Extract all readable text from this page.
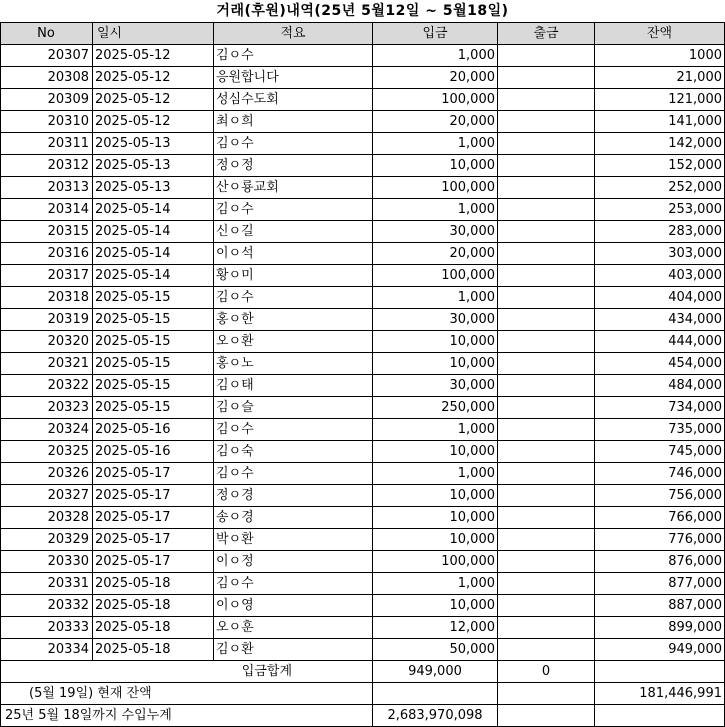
거래(후원)내역(25년 5월12일 ~ 5월18일)
No	일시	적요	입금	출금	잔액
20307	2025-05-12	김ㅇ수	1,000		1000
20308	2025-05-12	응원합니다	20,000		21,000
20309	2025-05-12	성심수도회	100,000		121,000
20310	2025-05-12	최ㅇ희	20,000		141,000
20311	2025-05-13	김ㅇ수	1,000		142,000
20312	2025-05-13	정ㅇ정	10,000		152,000
20313	2025-05-13	산ㅇ룡교회	100,000		252,000
20314	2025-05-14	김ㅇ수	1,000		253,000
20315	2025-05-14	신ㅇ길	30,000		283,000
20316	2025-05-14	이ㅇ석	20,000		303,000
20317	2025-05-14	황ㅇ미	100,000		403,000
20318	2025-05-15	김ㅇ수	1,000		404,000
20319	2025-05-15	홍ㅇ한	30,000		434,000
20320	2025-05-15	오ㅇ환	10,000		444,000
20321	2025-05-15	홍ㅇ노	10,000		454,000
20322	2025-05-15	김ㅇ태	30,000		484,000
20323	2025-05-15	김ㅇ슬	250,000		734,000
20324	2025-05-16	김ㅇ수	1,000		735,000
20325	2025-05-16	김ㅇ숙	10,000		745,000
20326	2025-05-17	김ㅇ수	1,000		746,000
20327	2025-05-17	정ㅇ경	10,000		756,000
20328	2025-05-17	송ㅇ경	10,000		766,000
20329	2025-05-17	박ㅇ환	10,000		776,000
20330	2025-05-17	이ㅇ정	100,000		876,000
20331	2025-05-18	김ㅇ수	1,000		877,000
20332	2025-05-18	이ㅇ영	10,000		887,000
20333	2025-05-18	오ㅇ훈	12,000		899,000
20334	2025-05-18	김ㅇ환	50,000		949,000
입금합계			949,000	0	
(5월 19일) 현재 잔액					181,446,991
25년 5월 18일까지 수입누계			2,683,970,098		
